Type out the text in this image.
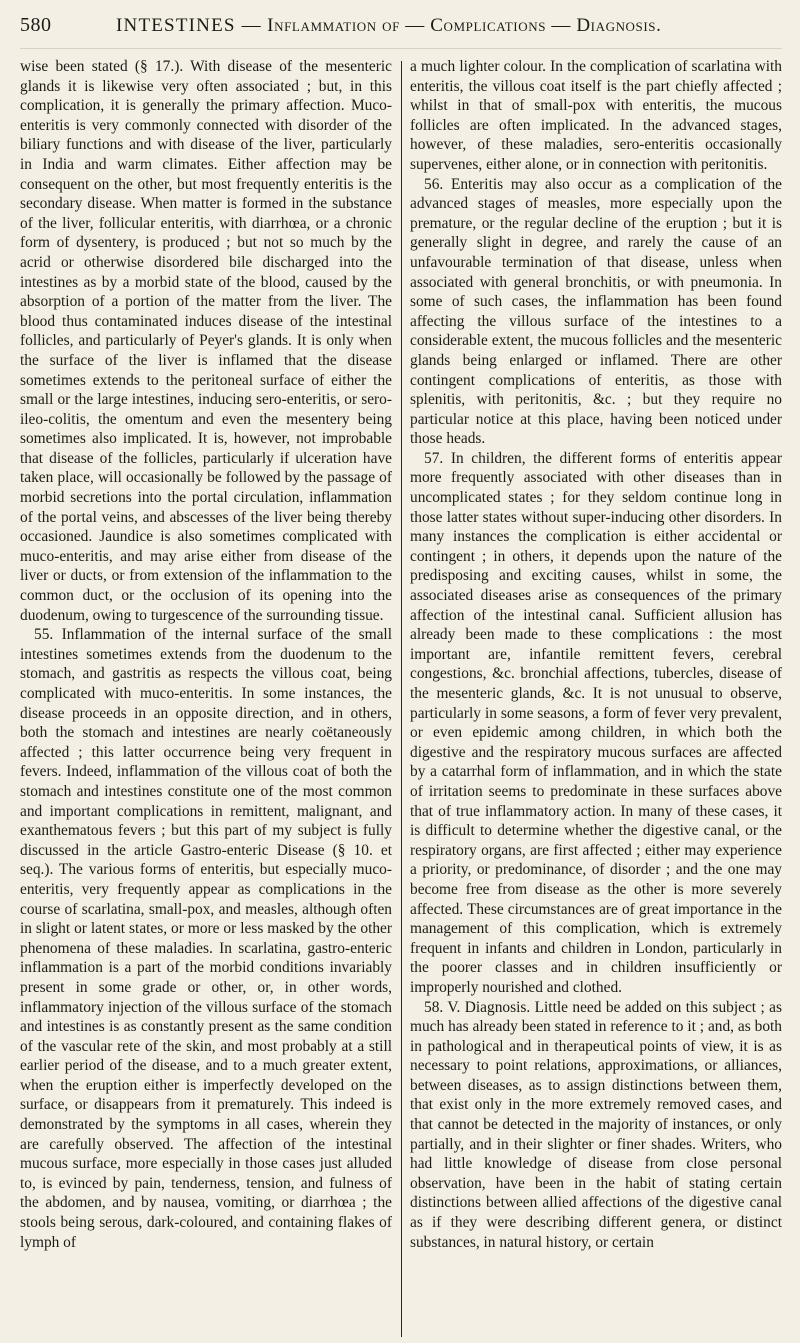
580	INTESTINES — Inflammation of — Complications — Diagnosis.

wise been stated (§ 17.). With disease of the mesenteric glands it is likewise very often associated ; but, in this complication, it is generally the primary affection. Muco-enteritis is very commonly connected with disorder of the biliary functions and with disease of the liver, particularly in India and warm climates. Either affection may be consequent on the other, but most frequently enteritis is the secondary disease. When matter is formed in the substance of the liver, follicular enteritis, with diarrhœa, or a chronic form of dysentery, is produced ; but not so much by the acrid or otherwise disordered bile discharged into the intestines as by a morbid state of the blood, caused by the absorption of a portion of the matter from the liver. The blood thus contaminated induces disease of the intestinal follicles, and particularly of Peyer's glands. It is only when the surface of the liver is inflamed that the disease sometimes extends to the peritoneal surface of either the small or the large intestines, inducing sero-enteritis, or sero-ileo-colitis, the omentum and even the mesentery being sometimes also implicated. It is, however, not improbable that disease of the follicles, particularly if ulceration have taken place, will occasionally be followed by the passage of morbid secretions into the portal circulation, inflammation of the portal veins, and abscesses of the liver being thereby occasioned. Jaundice is also sometimes complicated with muco-enteritis, and may arise either from disease of the liver or ducts, or from extension of the inflammation to the common duct, or the occlusion of its opening into the duodenum, owing to turgescence of the surrounding tissue.

55. Inflammation of the internal surface of the small intestines sometimes extends from the duodenum to the stomach, and gastritis as respects the villous coat, being complicated with muco-enteritis. In some instances, the disease proceeds in an opposite direction, and in others, both the stomach and intestines are nearly coëtaneously affected ; this latter occurrence being very frequent in fevers. Indeed, inflammation of the villous coat of both the stomach and intestines constitute one of the most common and important complications in remittent, malignant, and exanthematous fevers ; but this part of my subject is fully discussed in the article Gastro-enteric Disease (§ 10. et seq.). The various forms of enteritis, but especially muco-enteritis, very frequently appear as complications in the course of scarlatina, small-pox, and measles, although often in slight or latent states, or more or less masked by the other phenomena of these maladies. In scarlatina, gastro-enteric inflammation is a part of the morbid conditions invariably present in some grade or other, or, in other words, inflammatory injection of the villous surface of the stomach and intestines is as constantly present as the same condition of the vascular rete of the skin, and most probably at a still earlier period of the disease, and to a much greater extent, when the eruption either is imperfectly developed on the surface, or disappears from it prematurely. This indeed is demonstrated by the symptoms in all cases, wherein they are carefully observed. The affection of the intestinal mucous surface, more especially in those cases just alluded to, is evinced by pain, tenderness, tension, and fulness of the abdomen, and by nausea, vomiting, or diarrhœa ; the stools being serous, dark-coloured, and containing flakes of lymph of

a much lighter colour. In the complication of scarlatina with enteritis, the villous coat itself is the part chiefly affected ; whilst in that of small-pox with enteritis, the mucous follicles are often implicated. In the advanced stages, however, of these maladies, sero-enteritis occasionally supervenes, either alone, or in connection with peritonitis.

56. Enteritis may also occur as a complication of the advanced stages of measles, more especially upon the premature, or the regular decline of the eruption ; but it is generally slight in degree, and rarely the cause of an unfavourable termination of that disease, unless when associated with general bronchitis, or with pneumonia. In some of such cases, the inflammation has been found affecting the villous surface of the intestines to a considerable extent, the mucous follicles and the mesenteric glands being enlarged or inflamed. There are other contingent complications of enteritis, as those with splenitis, with peritonitis, &c. ; but they require no particular notice at this place, having been noticed under those heads.

57. In children, the different forms of enteritis appear more frequently associated with other diseases than in uncomplicated states ; for they seldom continue long in those latter states without super-inducing other disorders. In many instances the complication is either accidental or contingent ; in others, it depends upon the nature of the predisposing and exciting causes, whilst in some, the associated diseases arise as consequences of the primary affection of the intestinal canal. Sufficient allusion has already been made to these complications : the most important are, infantile remittent fevers, cerebral congestions, &c. bronchial affections, tubercles, disease of the mesenteric glands, &c. It is not unusual to observe, particularly in some seasons, a form of fever very prevalent, or even epidemic among children, in which both the digestive and the respiratory mucous surfaces are affected by a catarrhal form of inflammation, and in which the state of irritation seems to predominate in these surfaces above that of true inflammatory action. In many of these cases, it is difficult to determine whether the digestive canal, or the respiratory organs, are first affected ; either may experience a priority, or predominance, of disorder ; and the one may become free from disease as the other is more severely affected. These circumstances are of great importance in the management of this complication, which is extremely frequent in infants and children in London, particularly in the poorer classes and in children insufficiently or improperly nourished and clothed.

58. V. Diagnosis. Little need be added on this subject ; as much has already been stated in reference to it ; and, as both in pathological and in therapeutical points of view, it is as necessary to point relations, approximations, or alliances, between diseases, as to assign distinctions between them, that exist only in the more extremely removed cases, and that cannot be detected in the majority of instances, or only partially, and in their slighter or finer shades. Writers, who had little knowledge of disease from close personal observation, have been in the habit of stating certain distinctions between allied affections of the digestive canal as if they were describing different genera, or distinct substances, in natural history, or certain
